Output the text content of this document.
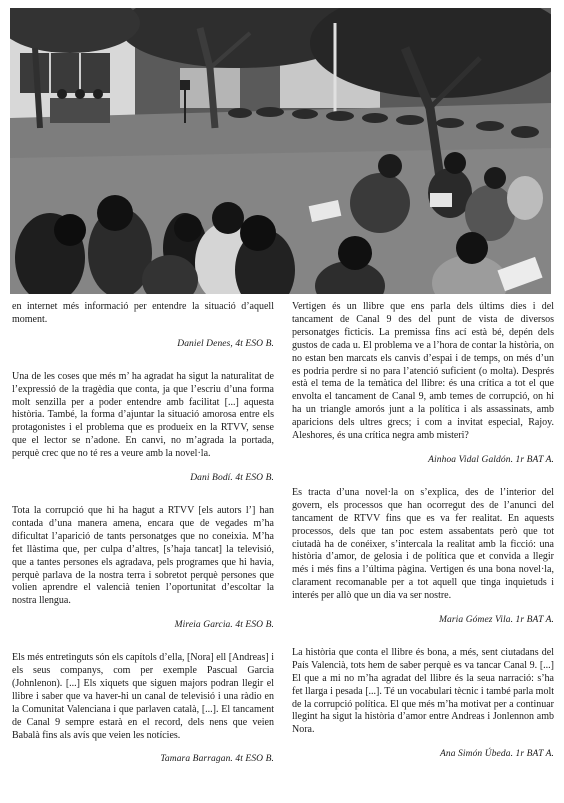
en internet més informació per entendre la situació d’aquell moment.

Daniel Denes, 4t ESO B.

Una de les coses que més m’ ha agradat ha sigut la naturalitat de l’expressió de la tragèdia que conta, ja que l’escriu d’una forma molt senzilla per a poder entendre amb facilitat [...] aquesta història. També, la forma d’ajuntar la situació amorosa entre els protagonistes i el problema que es produeix en la RTVV, sense que el lector se n’adone. En canvi, no m’agrada la portada, perquè crec que no té res a veure amb la novel·la.

Dani Bodí. 4t ESO B.

Tota la corrupció que hi ha hagut a RTVV [els autors l’] han contada d’una manera amena, encara que de vegades m’ha dificultat l’aparició de tants personatges que no coneixia. M’ha fet llàstima que, per culpa d’altres, [s’haja tancat] la televisió, que a tantes persones els agradava, pels programes que hi havia, perquè parlava de la nostra terra i sobretot perquè persones que volien aprendre el valencià tenien l’oportunitat d’escoltar la nostra llengua.

Mireia Garcia. 4t ESO B.

Els més entretinguts són els capítols d’ella, [Nora] ell [Andreas] i els seus companys, com per exemple Pascual Garcia (Johnlenon). [...] Els xiquets que siguen majors podran llegir el llibre i saber que va haver-hi un canal de televisió i una ràdio en la Comunitat Valenciana i que parlaven català, [...]. El tancament de Canal 9 sempre estarà en el record, dels nens que veien Babalà fins als avís que veien les notícies.

Tamara Barragan. 4t ESO B.

Vertigen és un llibre que ens parla dels últims dies i del tancament de Canal 9 des del punt de vista de diversos personatges ficticis. La premissa fins ací està bé, depén dels gustos de cada u. El problema ve a l’hora de contar la història, on no estan ben marcats els canvis d’espai i de temps, on més d’un es podria perdre si no para l’atenció suficient (o molta). Després està el tema de la temàtica del llibre: és una crítica a tot el que envolta el tancament de Canal 9, amb temes de corrupció, on hi ha un triangle amorós junt a la política i als assassinats, amb aparicions dels ultres grecs; i com a invitat especial, Rajoy. Aleshores, és una crítica negra amb misteri?

Ainhoa Vidal Galdón. 1r BAT A.

Es tracta d’una novel·la on s’explica, des de l’interior del govern, els processos que han ocorregut des de l’anunci del tancament de RTVV fins que es va fer realitat. En aquests processos, dels que tan poc estem assabentats però que tot ciutadà ha de conéixer, s’intercala la realitat amb la ficció: una història d’amor, de gelosia i de política que et convida a llegir més i més fins a l’última pàgina. Vertigen és una bona novel·la, clarament recomanable per a tot aquell que tinga inquietuds i interés per allò que un dia va ser nostre.

Maria Gómez Vila. 1r BAT A.

La història que conta el llibre és bona, a més, sent ciutadans del País Valencià, tots hem de saber perquè es va tancar Canal 9. [...] El que a mi no m’ha agradat del llibre és la seua narració: s’ha fet llarga i pesada [...]. Té un vocabulari tècnic i també parla molt de la corrupció política. El que més m’ha motivat per a continuar llegint ha sigut la història d’amor entre Andreas i Jonlennon amb Nora.

Ana Simón Úbeda. 1r BAT A.
